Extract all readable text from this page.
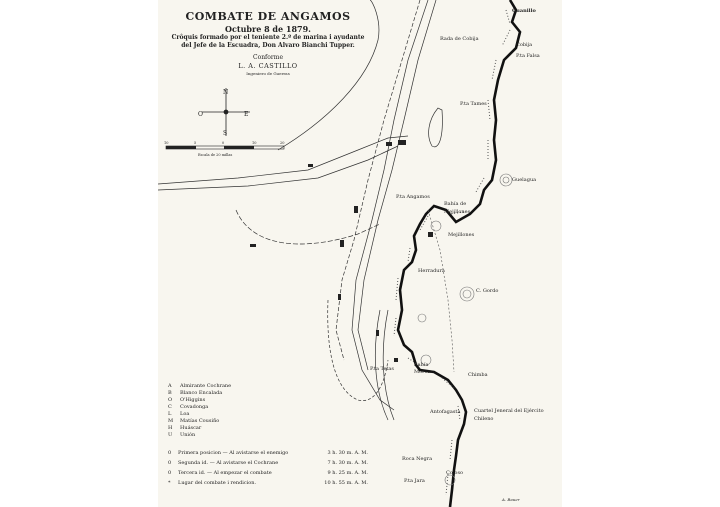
N
S
E
O
10	5	0	10	20
COMBATE DE ANGAMOS
Octubre 8 de 1879.
Crôquis formado por el teniente 2.º de marina i ayudante del Jefe de la Escuadra, Don Alvaro Bianchi Tupper.
Conforme
L. A. CASTILLO
Ingeniero de Guerras
Escala de 20 millas
Guanillo
Rada de Cobija
Cobija
P.ta Falsa
P.ta Tames
Guelagua
P.ta Angamos
Bahía de Mejillones
Mejillones
Herradura
C. Gordo
Chimba
Bahía Moreno
P.ta Tetas
Antofagasta	Cuartel Jeneral del Ejército Chileno
Roca Negra
Coloso
P.ta Jara
A Almirante Cochrane
B Blanco Encalada
O O'Higgins
C Covadonga
L Loa
M Matías Cousiño
H Huáscar
U Unión
0	Primera posicion — Al avistarse el enemigo	3 h. 30 m. A. M.
0	Segunda id. — Al avistarse el Cochrane	7 h. 30 m. A. M.
0	Tercera id. — Al empezar el combate	9 h. 25 m. A. M.
*	Lugar del combate i rendicion.	10 h. 55 m. A. M.
A. Bauer
